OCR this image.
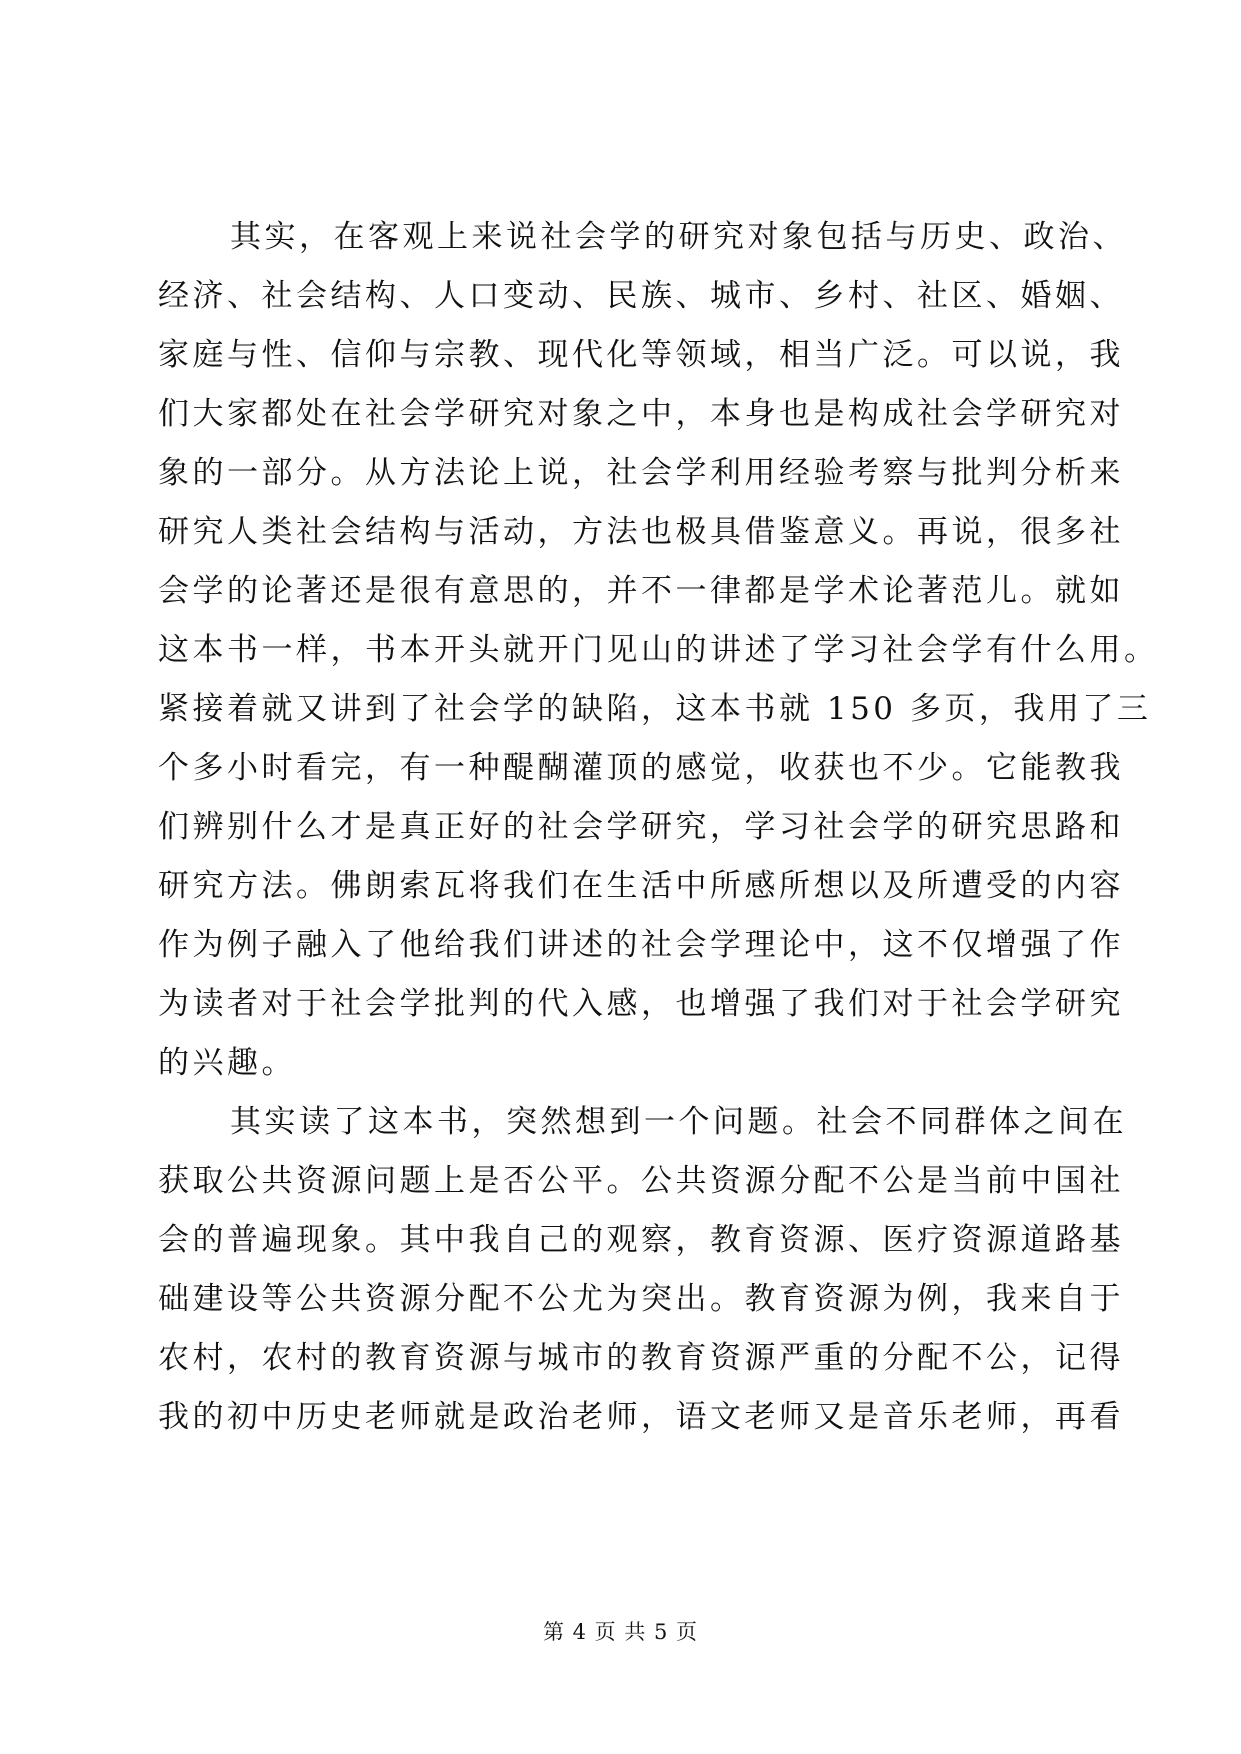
其实，在客观上来说社会学的研究对象包括与历史、政治、
经济、社会结构、人口变动、民族、城市、乡村、社区、婚姻、
家庭与性、信仰与宗教、现代化等领域，相当广泛。可以说，我
们大家都处在社会学研究对象之中，本身也是构成社会学研究对
象的一部分。从方法论上说，社会学利用经验考察与批判分析来
研究人类社会结构与活动，方法也极具借鉴意义。再说，很多社
会学的论著还是很有意思的，并不一律都是学术论著范儿。就如
这本书一样，书本开头就开门见山的讲述了学习社会学有什么用。
紧接着就又讲到了社会学的缺陷，这本书就 150 多页，我用了三
个多小时看完，有一种醍醐灌顶的感觉，收获也不少。它能教我
们辨别什么才是真正好的社会学研究，学习社会学的研究思路和
研究方法。佛朗索瓦将我们在生活中所感所想以及所遭受的内容
作为例子融入了他给我们讲述的社会学理论中，这不仅增强了作
为读者对于社会学批判的代入感，也增强了我们对于社会学研究
的兴趣。
其实读了这本书，突然想到一个问题。社会不同群体之间在
获取公共资源问题上是否公平。公共资源分配不公是当前中国社
会的普遍现象。其中我自己的观察，教育资源、医疗资源道路基
础建设等公共资源分配不公尤为突出。教育资源为例，我来自于
农村，农村的教育资源与城市的教育资源严重的分配不公，记得
我的初中历史老师就是政治老师，语文老师又是音乐老师，再看
第 4 页 共 5 页
